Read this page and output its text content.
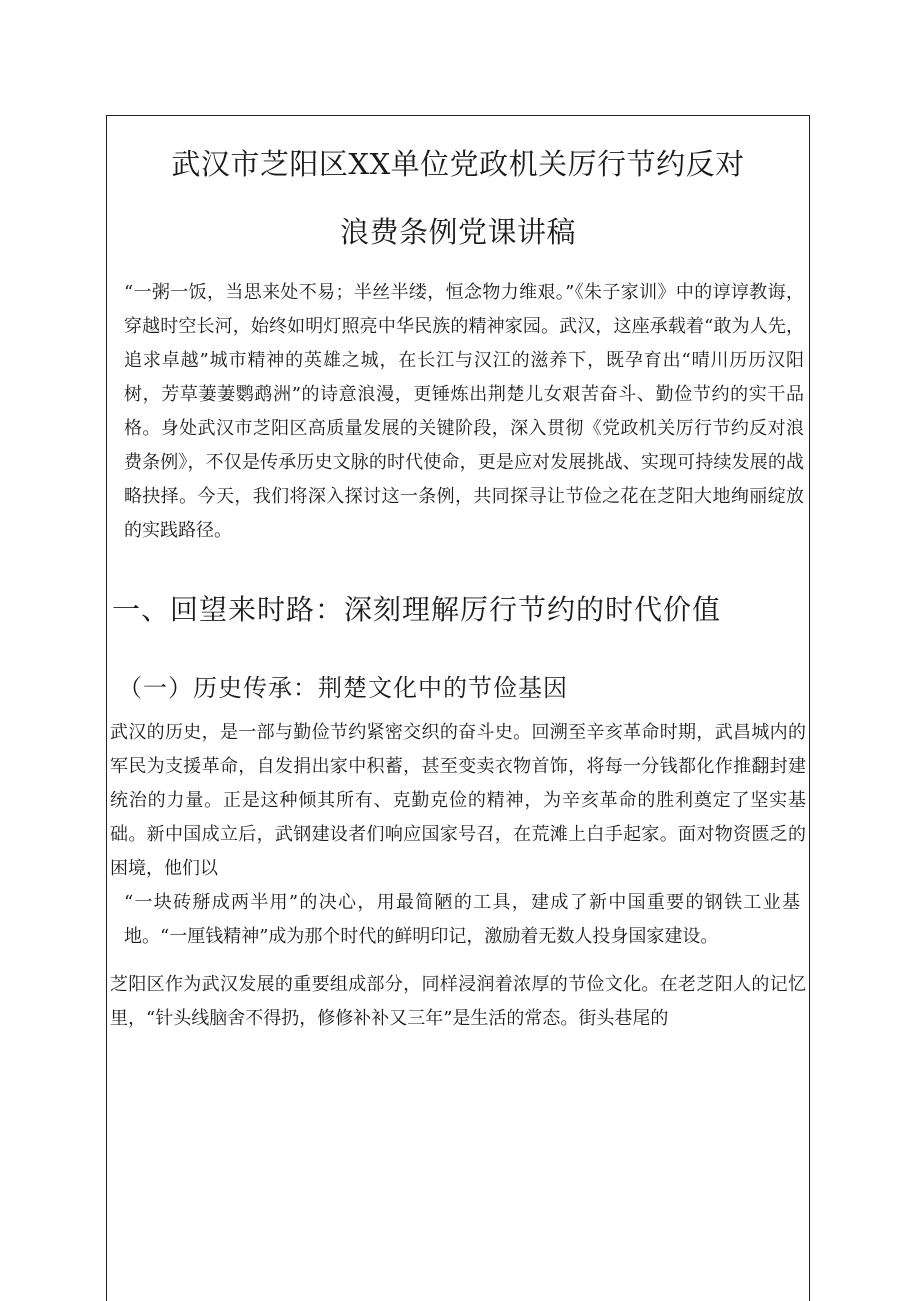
武汉市芝阳区XX单位党政机关厉行节约反对
浪费条例党课讲稿

“一粥一饭，当思来处不易；半丝半缕，恒念物力维艰。”《朱子家训》中的谆谆教诲，穿越时空长河，始终如明灯照亮中华民族的精神家园。武汉，这座承载着“敢为人先，追求卓越”城市精神的英雄之城，在长江与汉江的滋养下，既孕育出“晴川历历汉阳树，芳草萋萋鹦鹉洲”的诗意浪漫，更锤炼出荆楚儿女艰苦奋斗、勤俭节约的实干品格。身处武汉市芝阳区高质量发展的关键阶段，深入贯彻《党政机关厉行节约反对浪费条例》，不仅是传承历史文脉的时代使命，更是应对发展挑战、实现可持续发展的战略抉择。今天，我们将深入探讨这一条例，共同探寻让节俭之花在芝阳大地绚丽绽放的实践路径。

一、回望来时路：深刻理解厉行节约的时代价值
（一）历史传承：荆楚文化中的节俭基因

武汉的历史，是一部与勤俭节约紧密交织的奋斗史。回溯至辛亥革命时期，武昌城内的军民为支援革命，自发捐出家中积蓄，甚至变卖衣物首饰，将每一分钱都化作推翻封建统治的力量。正是这种倾其所有、克勤克俭的精神，为辛亥革命的胜利奠定了坚实基础。新中国成立后，武钢建设者们响应国家号召，在荒滩上白手起家。面对物资匮乏的困境，他们以

“一块砖掰成两半用”的决心，用最简陋的工具，建成了新中国重要的钢铁工业基地。“一厘钱精神”成为那个时代的鲜明印记，激励着无数人投身国家建设。

芝阳区作为武汉发展的重要组成部分，同样浸润着浓厚的节俭文化。在老芝阳人的记忆里，“针头线脑舍不得扔，修修补补又三年”是生活的常态。街头巷尾的
